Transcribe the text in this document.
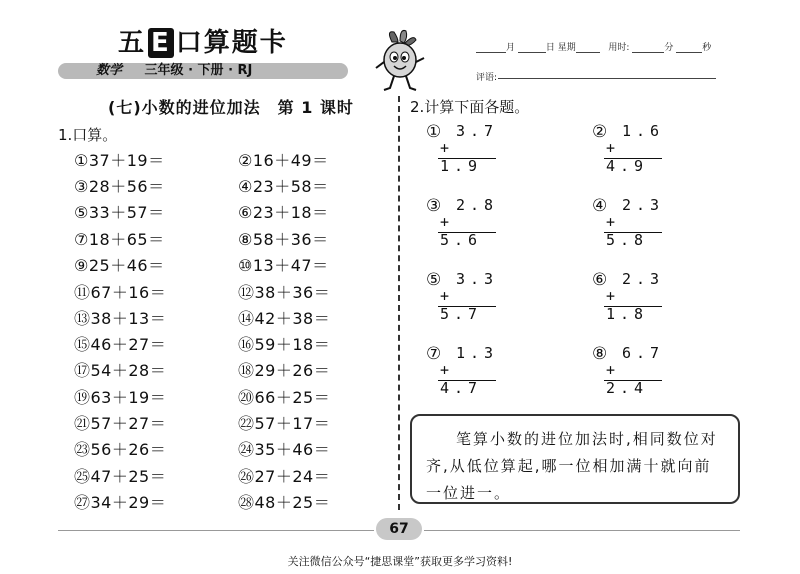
五 E 口算题卡
数学 三年级 · 下册 · RJ
月	日 星期	用时:	分	秒
评语:
(七)小数的进位加法　第 1 课时
1.口算。
①37＋19＝	②16＋49＝
③28＋56＝	④23＋58＝
⑤33＋57＝	⑥23＋18＝
⑦18＋65＝	⑧58＋36＝
⑨25＋46＝	⑩13＋47＝
⑪67＋16＝	⑫38＋36＝
⑬38＋13＝	⑭42＋38＝
⑮46＋27＝	⑯59＋18＝
⑰54＋28＝	⑱29＋26＝
⑲63＋19＝	⑳66＋25＝
㉑57＋27＝	㉒57＋17＝
㉓56＋26＝	㉔35＋46＝
㉕47＋25＝	㉖27＋24＝
㉗34＋29＝	㉘48＋25＝
2.计算下面各题。
① 3.7
+ 1.9
② 1.6
+ 4.9
③ 2.8
+ 5.6
④ 2.3
+ 5.8
⑤ 3.3
+ 5.7
⑥ 2.3
+ 1.8
⑦ 1.3
+ 4.7
⑧ 6.7
+ 2.4
笔算小数的进位加法时,相同数位对
齐,从低位算起,哪一位相加满十就向前
一位进一。
67
关注微信公众号“捷思课堂”获取更多学习资料!
